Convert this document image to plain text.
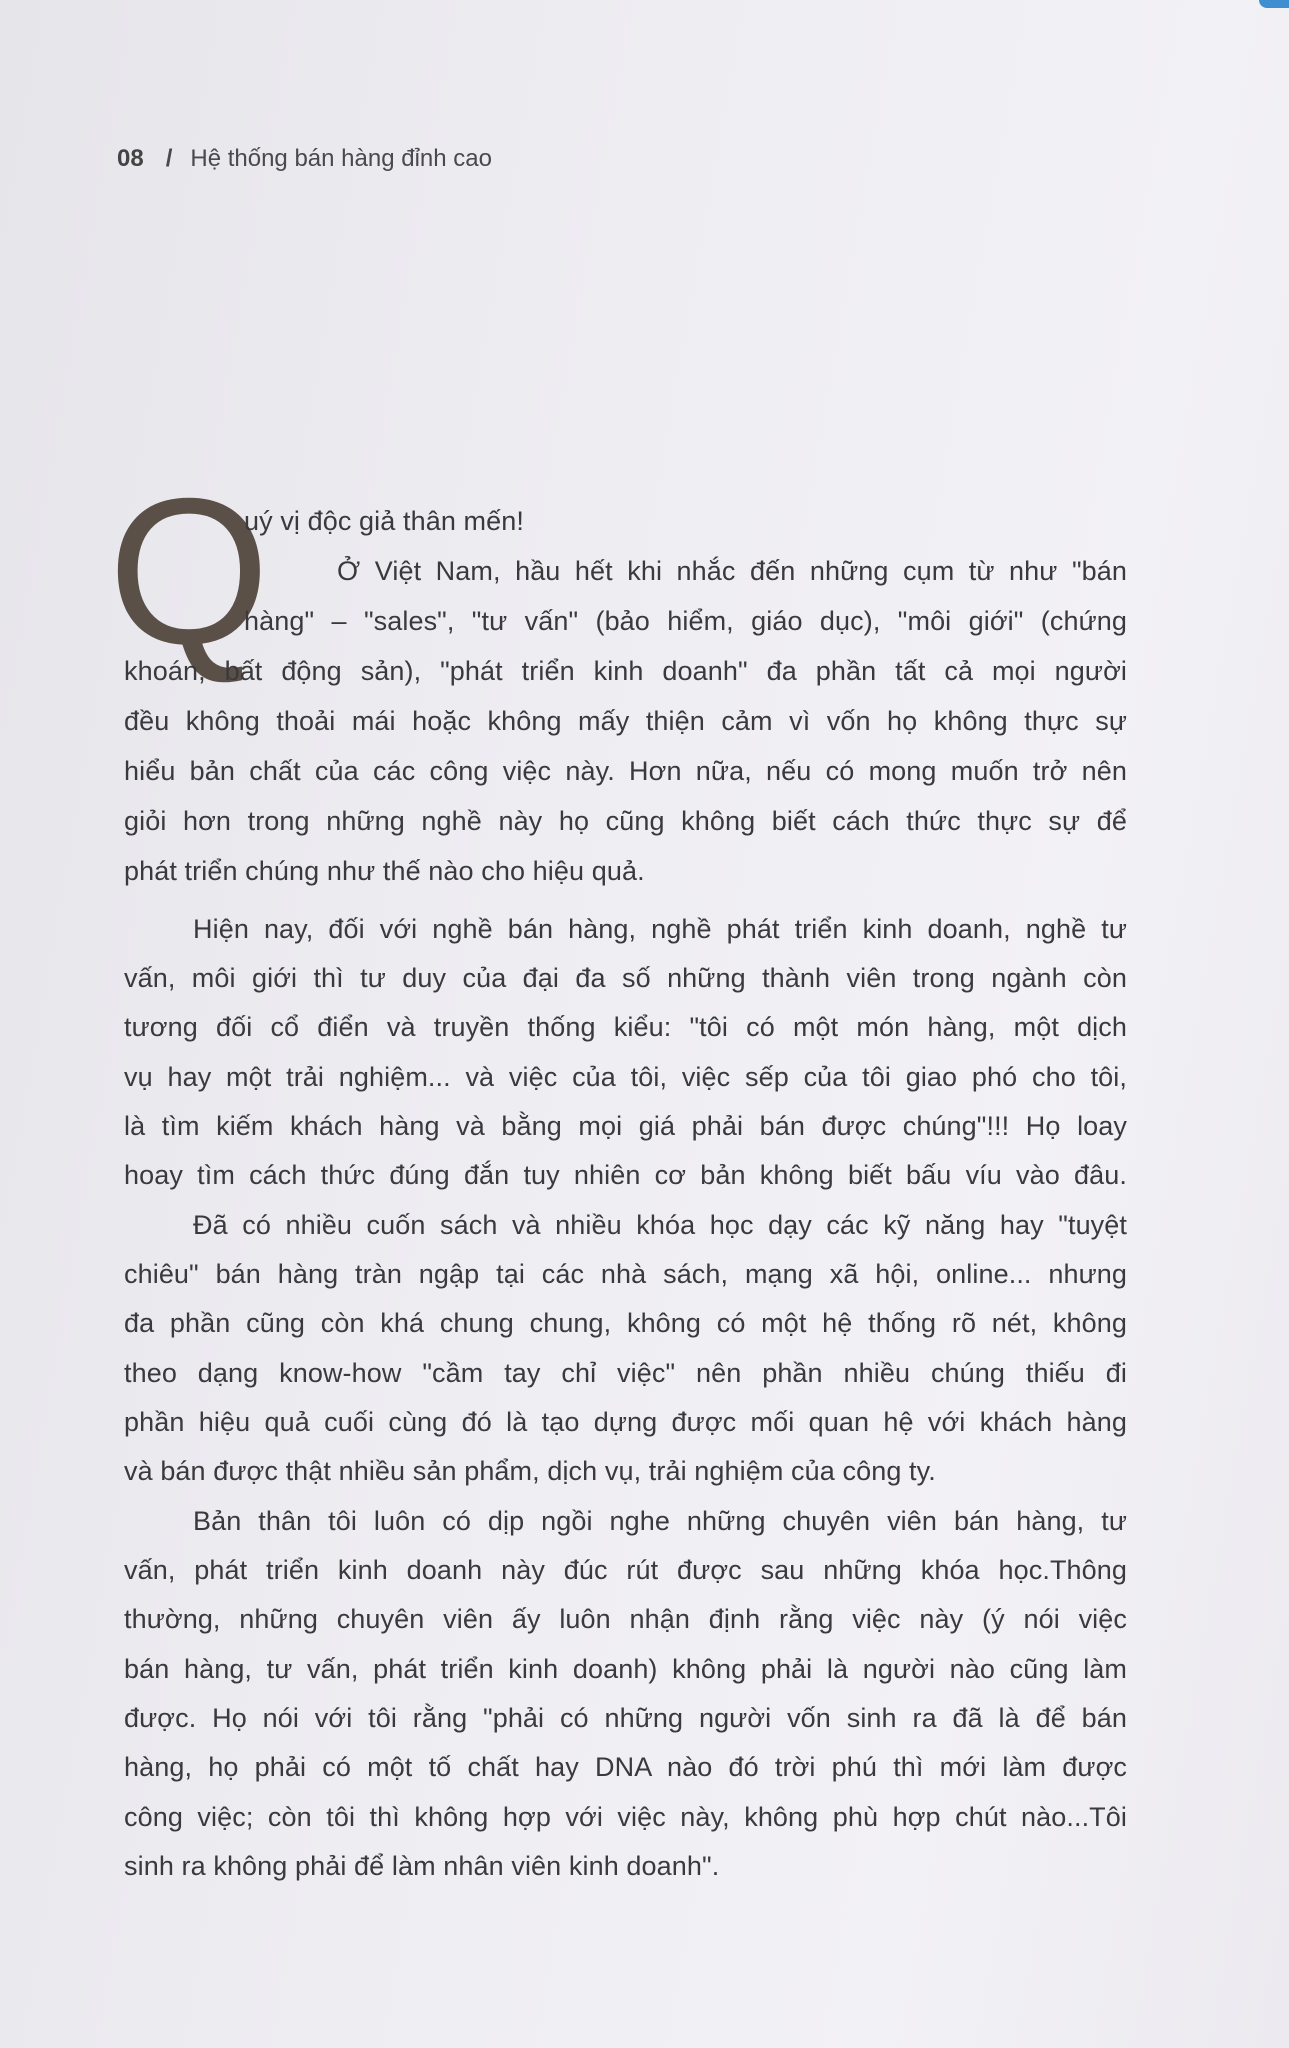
08 / Hệ thống bán hàng đỉnh cao
Q
uý vị độc giả thân mến!
Ở Việt Nam, hầu hết khi nhắc đến những cụm từ như "bán
hàng" – "sales", "tư vấn" (bảo hiểm, giáo dục), "môi giới" (chứng
khoán, bất động sản), "phát triển kinh doanh" đa phần tất cả mọi người
đều không thoải mái hoặc không mấy thiện cảm vì vốn họ không thực sự
hiểu bản chất của các công việc này. Hơn nữa, nếu có mong muốn trở nên
giỏi hơn trong những nghề này họ cũng không biết cách thức thực sự để
phát triển chúng như thế nào cho hiệu quả.
Hiện nay, đối với nghề bán hàng, nghề phát triển kinh doanh, nghề tư
vấn, môi giới thì tư duy của đại đa số những thành viên trong ngành còn
tương đối cổ điển và truyền thống kiểu: "tôi có một món hàng, một dịch
vụ hay một trải nghiệm... và việc của tôi, việc sếp của tôi giao phó cho tôi,
là tìm kiếm khách hàng và bằng mọi giá phải bán được chúng"!!! Họ loay
hoay tìm cách thức đúng đắn tuy nhiên cơ bản không biết bấu víu vào đâu.
Đã có nhiều cuốn sách và nhiều khóa học dạy các kỹ năng hay "tuyệt
chiêu" bán hàng tràn ngập tại các nhà sách, mạng xã hội, online... nhưng
đa phần cũng còn khá chung chung, không có một hệ thống rõ nét, không
theo dạng know-how "cầm tay chỉ việc" nên phần nhiều chúng thiếu đi
phần hiệu quả cuối cùng đó là tạo dựng được mối quan hệ với khách hàng
và bán được thật nhiều sản phẩm, dịch vụ, trải nghiệm của công ty.
Bản thân tôi luôn có dịp ngồi nghe những chuyên viên bán hàng, tư
vấn, phát triển kinh doanh này đúc rút được sau những khóa học.Thông
thường, những chuyên viên ấy luôn nhận định rằng việc này (ý nói việc
bán hàng, tư vấn, phát triển kinh doanh) không phải là người nào cũng làm
được. Họ nói với tôi rằng "phải có những người vốn sinh ra đã là để bán
hàng, họ phải có một tố chất hay DNA nào đó trời phú thì mới làm được
công việc; còn tôi thì không hợp với việc này, không phù hợp chút nào...Tôi
sinh ra không phải để làm nhân viên kinh doanh".
